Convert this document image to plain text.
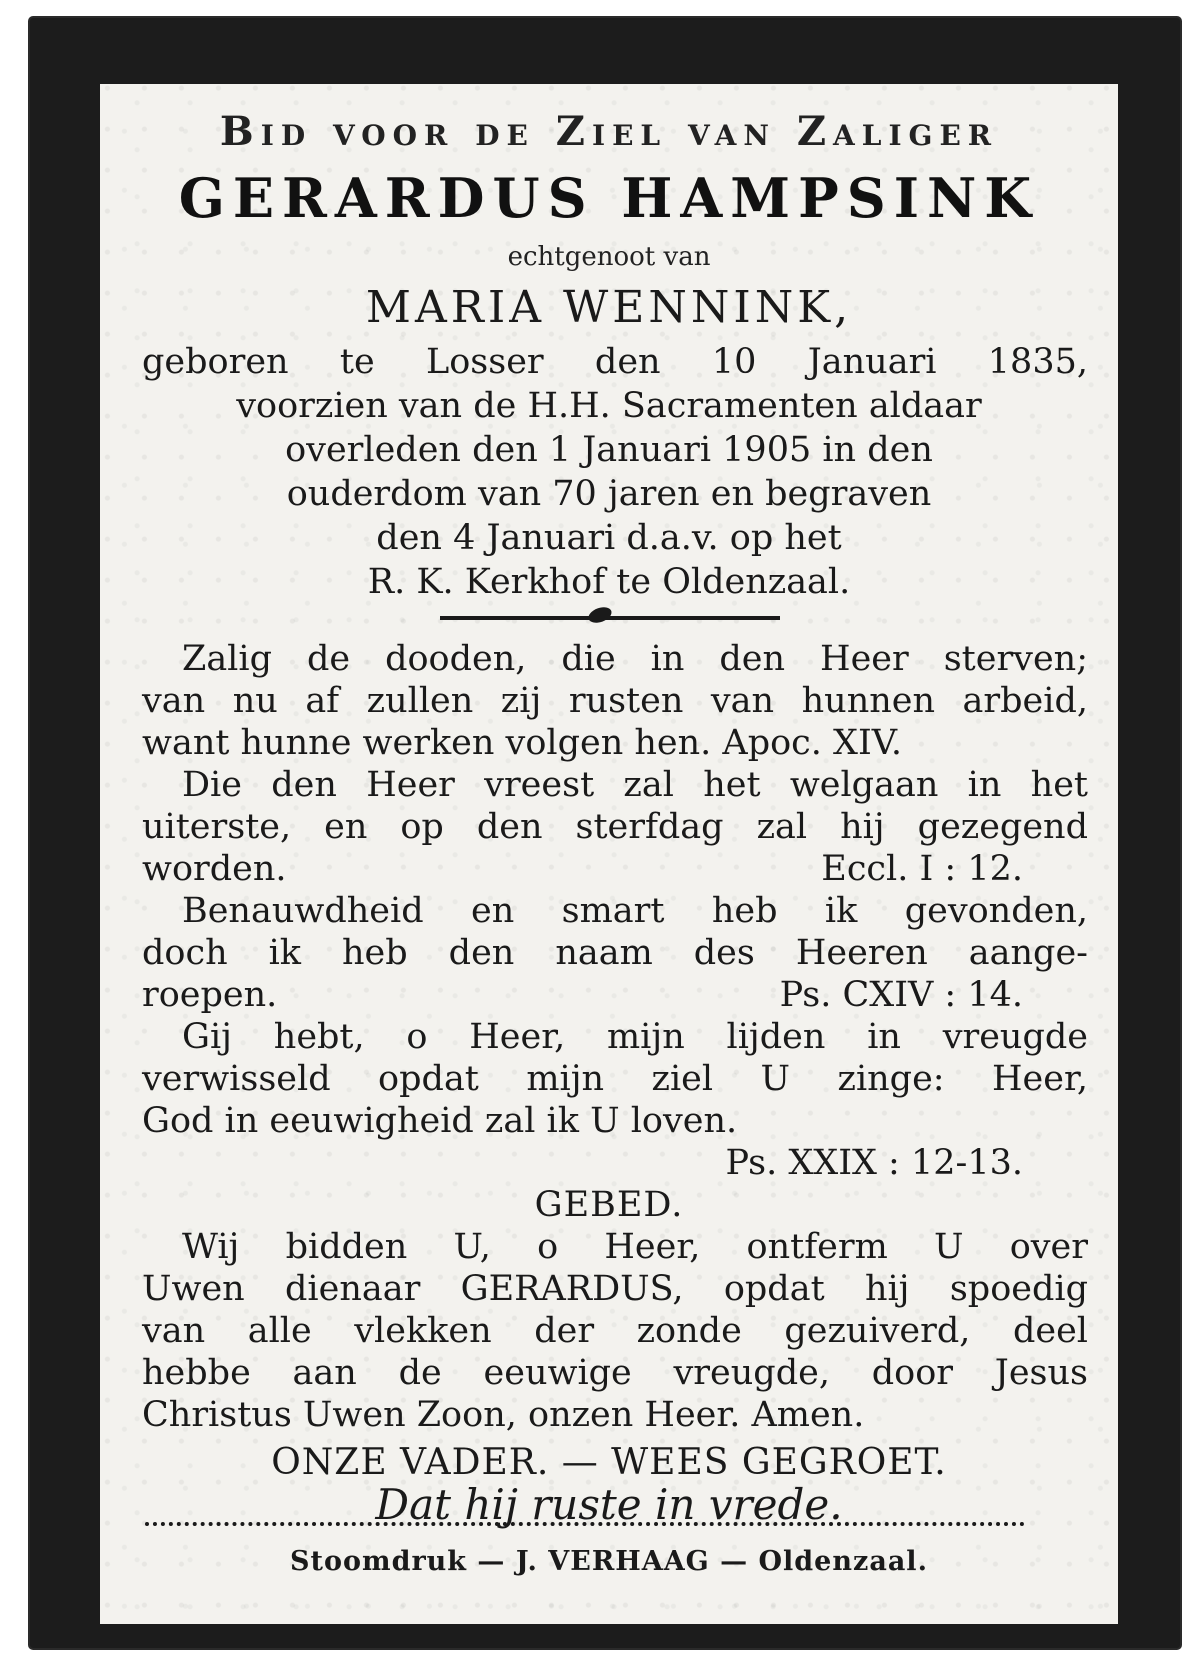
Bid voor de Ziel van Zaliger
GERARDUS HAMPSINK
echtgenoot van
MARIA WENNINK,
geboren te Losser den 10 Januari 1835,
voorzien van de H.H. Sacramenten aldaar
overleden den 1 Januari 1905 in den
ouderdom van 70 jaren en begraven
den 4 Januari d.a.v. op het
R. K. Kerkhof te Oldenzaal.
Zalig de dooden, die in den Heer sterven;
van nu af zullen zij rusten van hunnen arbeid,
want hunne werken volgen hen. Apoc. XIV.
Die den Heer vreest zal het welgaan in het
uiterste, en op den sterfdag zal hij gezegend
worden.	Eccl. I : 12.
Benauwdheid en smart heb ik gevonden,
doch ik heb den naam des Heeren aange-
roepen.	Ps. CXIV : 14.
Gij hebt, o Heer, mijn lijden in vreugde
verwisseld opdat mijn ziel U zinge: Heer,
God in eeuwigheid zal ik U loven.
Ps. XXIX : 12-13.
GEBED.
Wij bidden U, o Heer, ontferm U over
Uwen dienaar GERARDUS, opdat hij spoedig
van alle vlekken der zonde gezuiverd, deel
hebbe aan de eeuwige vreugde, door Jesus
Christus Uwen Zoon, onzen Heer. Amen.
ONZE VADER. — WEES GEGROET.
Dat hij ruste in vrede.
Stoomdruk — J. VERHAAG — Oldenzaal.
